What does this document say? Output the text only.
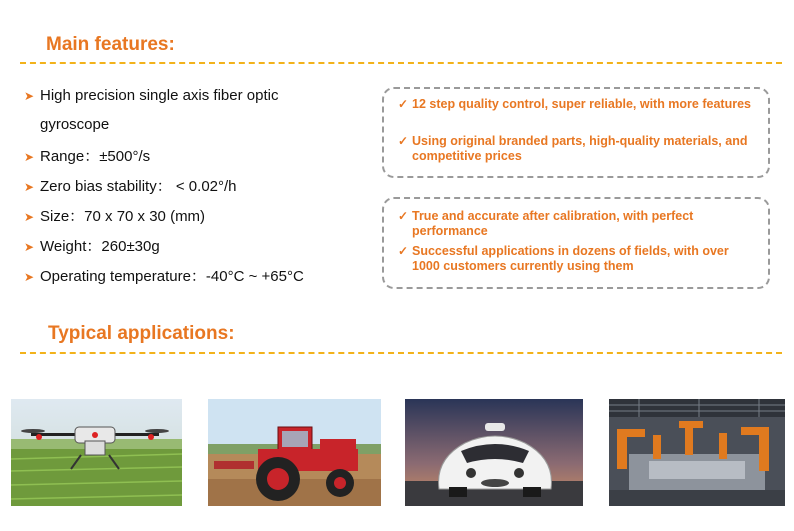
Main features:
➤ High precision single axis fiber optic
gyroscope
➤ Range：±500°/s
➤ Zero bias stability： < 0.02°/h
➤ Size：70 x 70 x 30 (mm)
➤ Weight：260±30g
➤ Operating temperature：-40°C ~ +65°C
✓ 12 step quality control, super reliable, with more features
✓ Using original branded parts, high-quality materials, and competitive prices
✓ True and accurate after calibration, with perfect performance
✓ Successful applications in dozens of fields, with over 1000 customers currently using them
Typical applications:
